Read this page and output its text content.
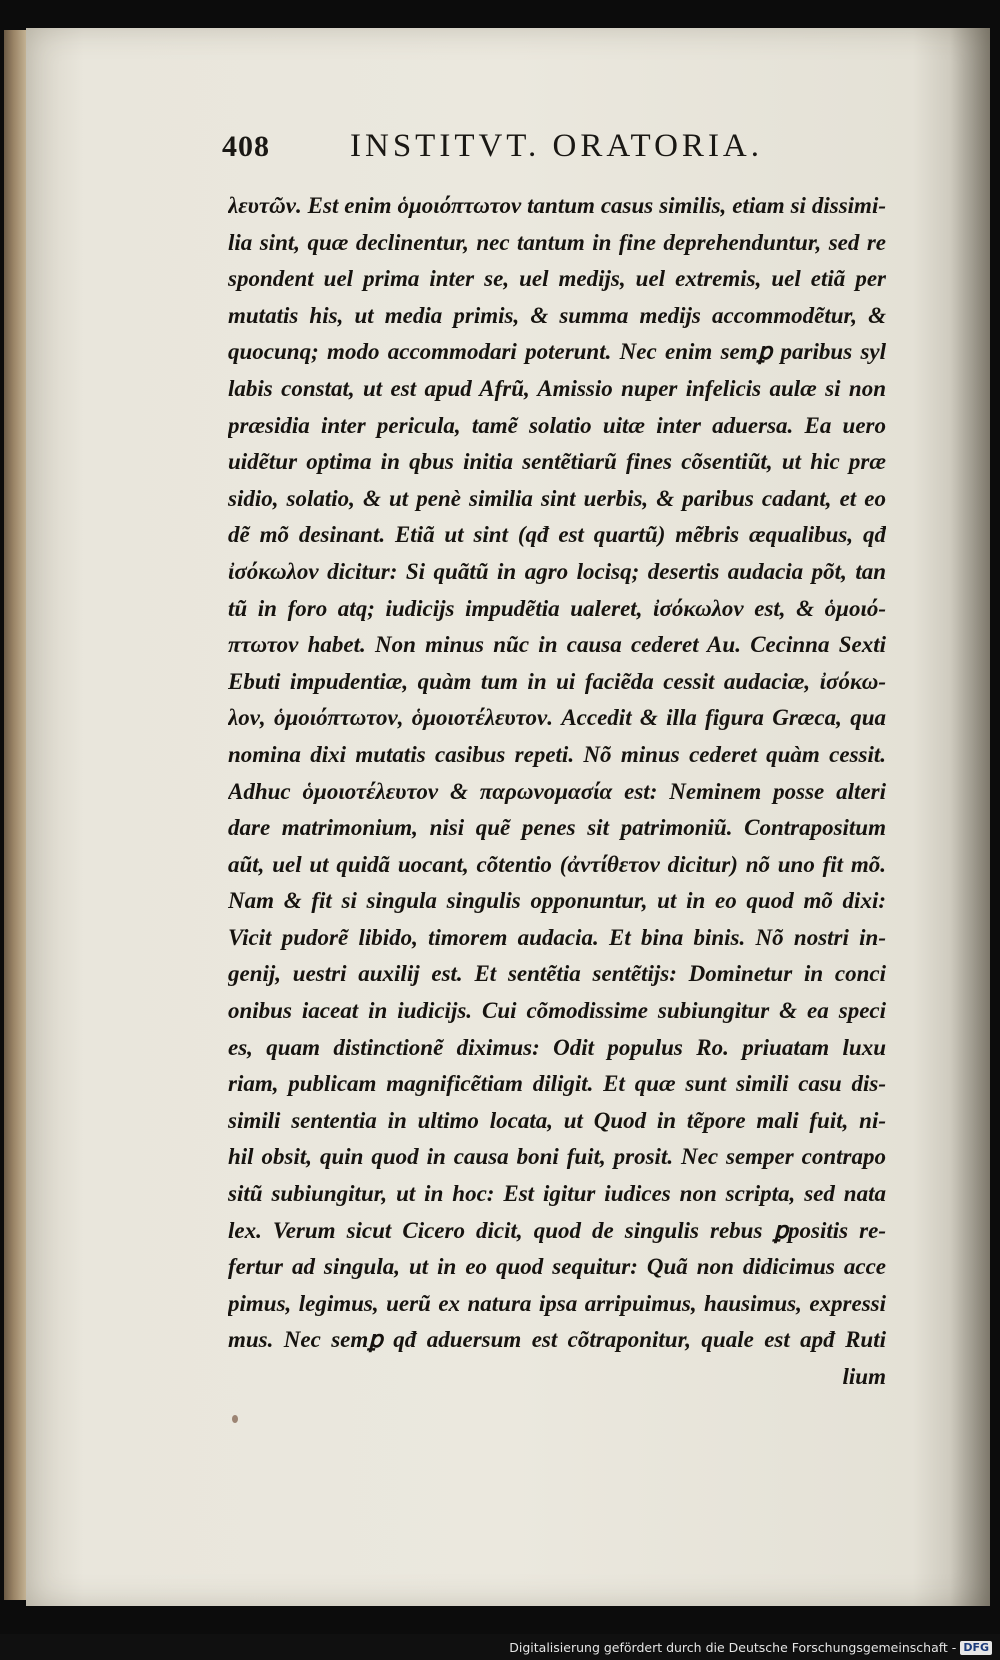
408	INSTITVT. ORATORIA.
λευτῶν. Est enim ὁμοιόπτωτον tantum casus similis, etiam si dissimi-
lia sint, quæ declinentur, nec tantum in fine deprehenduntur, sed re
spondent uel prima inter se, uel medijs, uel extremis, uel etiã per
mutatis his, ut media primis, & summa medijs accommodẽtur, &
quocunq; modo accommodari poterunt. Nec enim semꝑ paribus syl
labis constat, ut est apud Afrũ, Amissio nuper infelicis aulæ si non
præsidia inter pericula, tamẽ solatio uitæ inter aduersa. Ea uero
uidẽtur optima in qbus initia sentẽtiarũ fines cõsentiũt, ut hic præ
sidio, solatio, & ut penè similia sint uerbis, & paribus cadant, et eo
dẽ mõ desinant. Etiã ut sint (qđ est quartũ) mẽbris æqualibus, qđ
ἰσόκωλον dicitur: Si quãtũ in agro locisq; desertis audacia põt, tan
tũ in foro atq; iudicijs impudẽtia ualeret, ἰσόκωλον est, & ὁμοιό-
πτωτον habet. Non minus nũc in causa cederet Au. Cecinna Sexti
Ebuti impudentiæ, quàm tum in ui faciẽda cessit audaciæ, ἰσόκω-
λον, ὁμοιόπτωτον, ὁμοιοτέλευτον. Accedit & illa figura Græca, qua
nomina dixi mutatis casibus repeti. Nõ minus cederet quàm cessit.
Adhuc ὁμοιοτέλευτον & παρωνομασία est: Neminem posse alteri
dare matrimonium, nisi quẽ penes sit patrimoniũ. Contrapositum
aũt, uel ut quidã uocant, cõtentio (ἀντίθετον dicitur) nõ uno fit mõ.
Nam & fit si singula singulis opponuntur, ut in eo quod mõ dixi:
Vicit pudorẽ libido, timorem audacia. Et bina binis. Nõ nostri in-
genij, uestri auxilij est. Et sentẽtia sentẽtijs: Dominetur in conci
onibus iaceat in iudicijs. Cui cõmodissime subiungitur & ea speci
es, quam distinctionẽ diximus: Odit populus Ro. priuatam luxu
riam, publicam magnificẽtiam diligit. Et quæ sunt simili casu dis-
simili sententia in ultimo locata, ut Quod in tẽpore mali fuit, ni-
hil obsit, quin quod in causa boni fuit, prosit. Nec semper contrapo
sitũ subiungitur, ut in hoc: Est igitur iudices non scripta, sed nata
lex. Verum sicut Cicero dicit, quod de singulis rebus ꝑpositis re-
fertur ad singula, ut in eo quod sequitur: Quã non didicimus acce
pimus, legimus, uerũ ex natura ipsa arripuimus, hausimus, expressi
mus. Nec semꝑ qđ aduersum est cõtraponitur, quale est apđ Ruti
lium
Digitalisierung gefördert durch die Deutsche Forschungsgemeinschaft - DFG
